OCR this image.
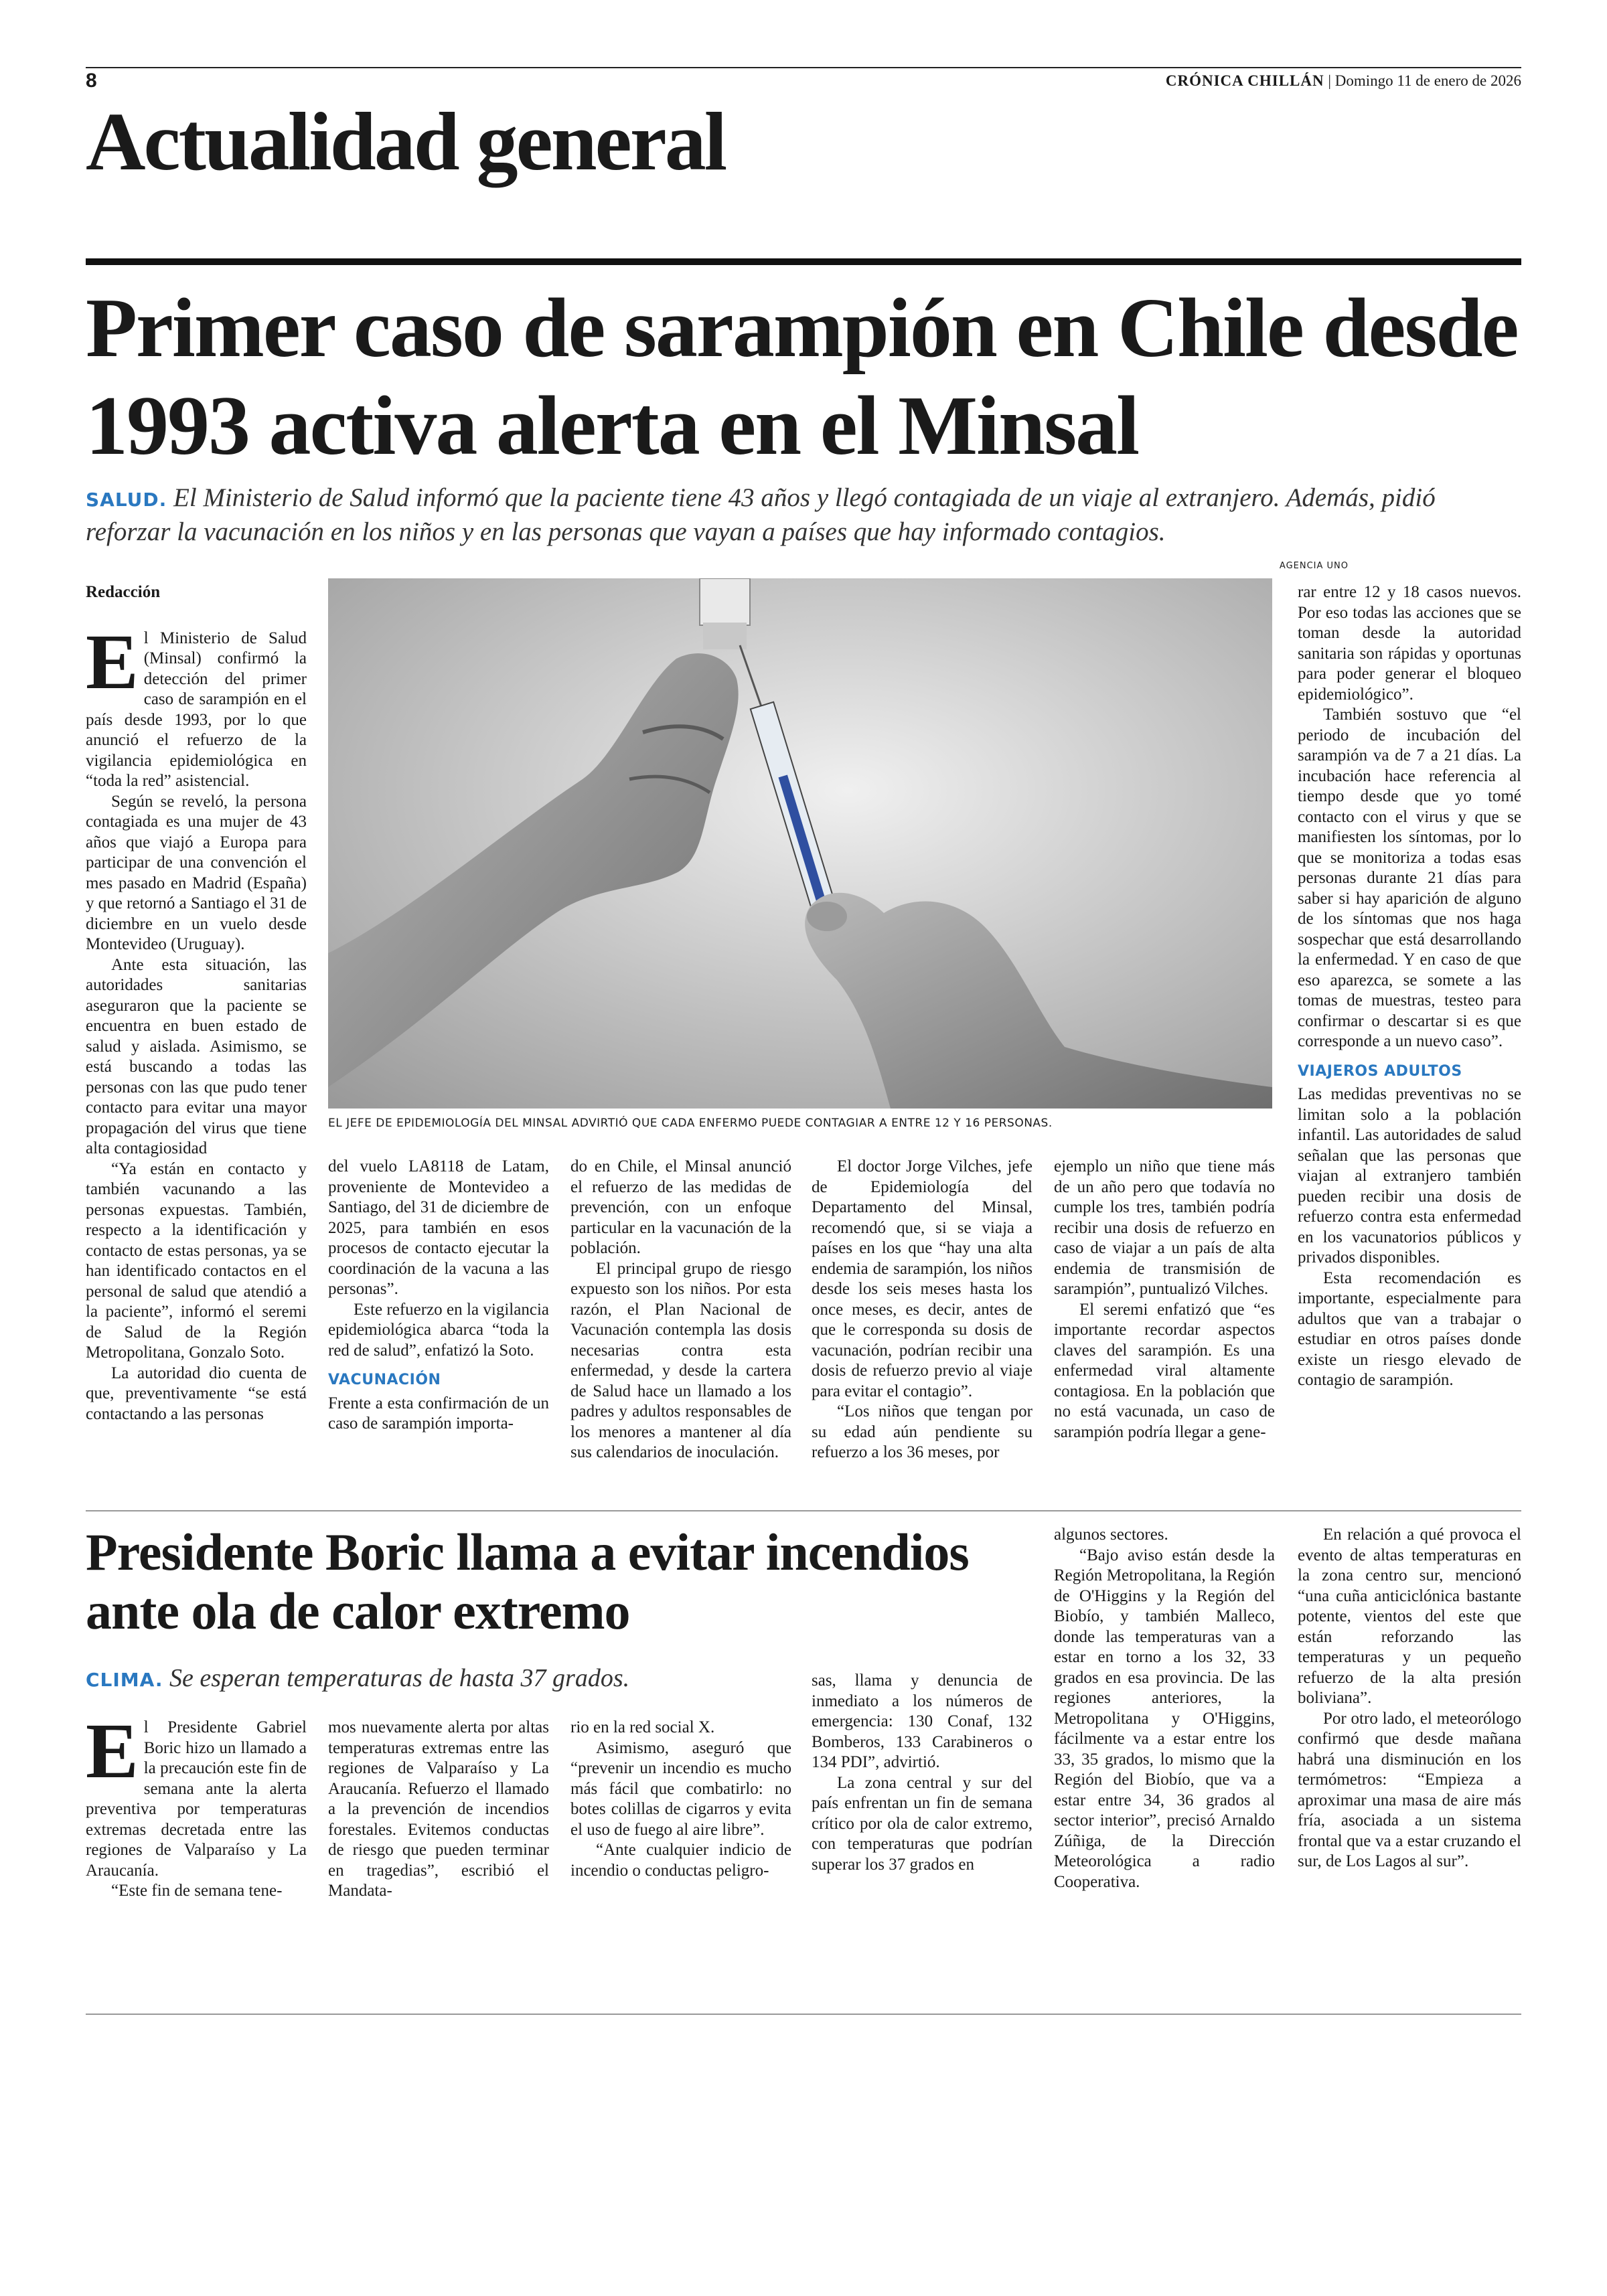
8	CRÓNICA CHILLÁN | Domingo 11 de enero de 2026
Actualidad general
Primer caso de sarampión en Chile desde 1993 activa alerta en el Minsal
SALUD. El Ministerio de Salud informó que la paciente tiene 43 años y llegó contagiada de un viaje al extranjero. Además, pidió reforzar la vacunación en los niños y en las personas que vayan a países que hay informado contagios.
AGENCIA UNO
EL JEFE DE EPIDEMIOLOGÍA DEL MINSAL ADVIRTIÓ QUE CADA ENFERMO PUEDE CONTAGIAR A ENTRE 12 Y 16 PERSONAS.
Redacción
E l Ministerio de Salud (Minsal) confirmó la detección del primer caso de sarampión en el país desde 1993, por lo que anunció el refuerzo de la vigilancia epidemiológica en “toda la red” asistencial.

Según se reveló, la persona contagiada es una mujer de 43 años que viajó a Europa para participar de una convención el mes pasado en Madrid (España) y que retornó a Santiago el 31 de diciembre en un vuelo desde Montevideo (Uruguay).

Ante esta situación, las autoridades sanitarias aseguraron que la paciente se encuentra en buen estado de salud y aislada. Asimismo, se está buscando a todas las personas con las que pudo tener contacto para evitar una mayor propagación del virus que tiene alta contagiosidad

“Ya están en contacto y también vacunando a las personas expuestas. También, respecto a la identificación y contacto de estas personas, ya se han identificado contactos en el personal de salud que atendió a la paciente”, informó el seremi de Salud de la Región Metropolitana, Gonzalo Soto.

La autoridad dio cuenta de que, preventivamente “se está contactando a las personas

del vuelo LA8118 de Latam, proveniente de Montevideo a Santiago, del 31 de diciembre de 2025, para también en esos procesos de contacto ejecutar la coordinación de la vacuna a las personas”.

Este refuerzo en la vigilancia epidemiológica abarca “toda la red de salud”, enfatizó la Soto.

VACUNACIÓN

Frente a esta confirmación de un caso de sarampión importa-

do en Chile, el Minsal anunció el refuerzo de las medidas de prevención, con un enfoque particular en la vacunación de la población.

El principal grupo de riesgo expuesto son los niños. Por esta razón, el Plan Nacional de Vacunación contempla las dosis necesarias contra esta enfermedad, y desde la cartera de Salud hace un llamado a los padres y adultos responsables de los menores a mantener al día sus calendarios de inoculación.

El doctor Jorge Vilches, jefe de Epidemiología del Departamento del Minsal, recomendó que, si se viaja a países en los que “hay una alta endemia de sarampión, los niños desde los seis meses hasta los once meses, es decir, antes de que le corresponda su dosis de vacunación, podrían recibir una dosis de refuerzo previo al viaje para evitar el contagio”.

“Los niños que tengan por su edad aún pendiente su refuerzo a los 36 meses, por

ejemplo un niño que tiene más de un año pero que todavía no cumple los tres, también podría recibir una dosis de refuerzo en caso de viajar a un país de alta endemia de transmisión de sarampión”, puntualizó Vilches.

El seremi enfatizó que “es importante recordar aspectos claves del sarampión. Es una enfermedad viral altamente contagiosa. En la población que no está vacunada, un caso de sarampión podría llegar a gene-

rar entre 12 y 18 casos nuevos. Por eso todas las acciones que se toman desde la autoridad sanitaria son rápidas y oportunas para poder generar el bloqueo epidemiológico”.

También sostuvo que “el periodo de incubación del sarampión va de 7 a 21 días. La incubación hace referencia al tiempo desde que yo tomé contacto con el virus y que se manifiesten los síntomas, por lo que se monitoriza a todas esas personas durante 21 días para saber si hay aparición de alguno de los síntomas que nos haga sospechar que está desarrollando la enfermedad. Y en caso de que eso aparezca, se somete a las tomas de muestras, testeo para confirmar o descartar si es que corresponde a un nuevo caso”.

VIAJEROS ADULTOS

Las medidas preventivas no se limitan solo a la población infantil. Las autoridades de salud señalan que las personas que viajan al extranjero también pueden recibir una dosis de refuerzo contra esta enfermedad en los vacunatorios públicos y privados disponibles.

Esta recomendación es importante, especialmente para adultos que van a trabajar o estudiar en otros países donde existe un riesgo elevado de contagio de sarampión.

Presidente Boric llama a evitar incendios ante ola de calor extremo
CLIMA. Se esperan temperaturas de hasta 37 grados.
E l Presidente Gabriel Boric hizo un llamado a la precaución este fin de semana ante la alerta preventiva por temperaturas extremas decretada entre las regiones de Valparaíso y La Araucanía.

“Este fin de semana tene-

mos nuevamente alerta por altas temperaturas extremas entre las regiones de Valparaíso y La Araucanía. Refuerzo el llamado a la prevención de incendios forestales. Evitemos conductas de riesgo que pueden terminar en tragedias”, escribió el Mandata-

rio en la red social X.

Asimismo, aseguró que “prevenir un incendio es mucho más fácil que combatirlo: no botes colillas de cigarros y evita el uso de fuego al aire libre”.

“Ante cualquier indicio de incendio o conductas peligro-

sas, llama y denuncia de inmediato a los números de emergencia: 130 Conaf, 132 Bomberos, 133 Carabineros o 134 PDI”, advirtió.

La zona central y sur del país enfrentan un fin de semana crítico por ola de calor extremo, con temperaturas que podrían superar los 37 grados en

algunos sectores.

“Bajo aviso están desde la Región Metropolitana, la Región de O'Higgins y la Región del Biobío, y también Malleco, donde las temperaturas van a estar en torno a los 32, 33 grados en esa provincia. De las regiones anteriores, la Metropolitana y O'Higgins, fácilmente va a estar entre los 33, 35 grados, lo mismo que la Región del Biobío, que va a estar entre 34, 36 grados al sector interior”, precisó Arnaldo Zúñiga, de la Dirección Meteorológica a radio Cooperativa.

En relación a qué provoca el evento de altas temperaturas en la zona centro sur, mencionó “una cuña anticiclónica bastante potente, vientos del este que están reforzando las temperaturas y un pequeño refuerzo de la alta presión boliviana”.

Por otro lado, el meteorólogo confirmó que desde mañana habrá una disminución en los termómetros: “Empieza a aproximar una masa de aire más fría, asociada a un sistema frontal que va a estar cruzando el sur, de Los Lagos al sur”.
